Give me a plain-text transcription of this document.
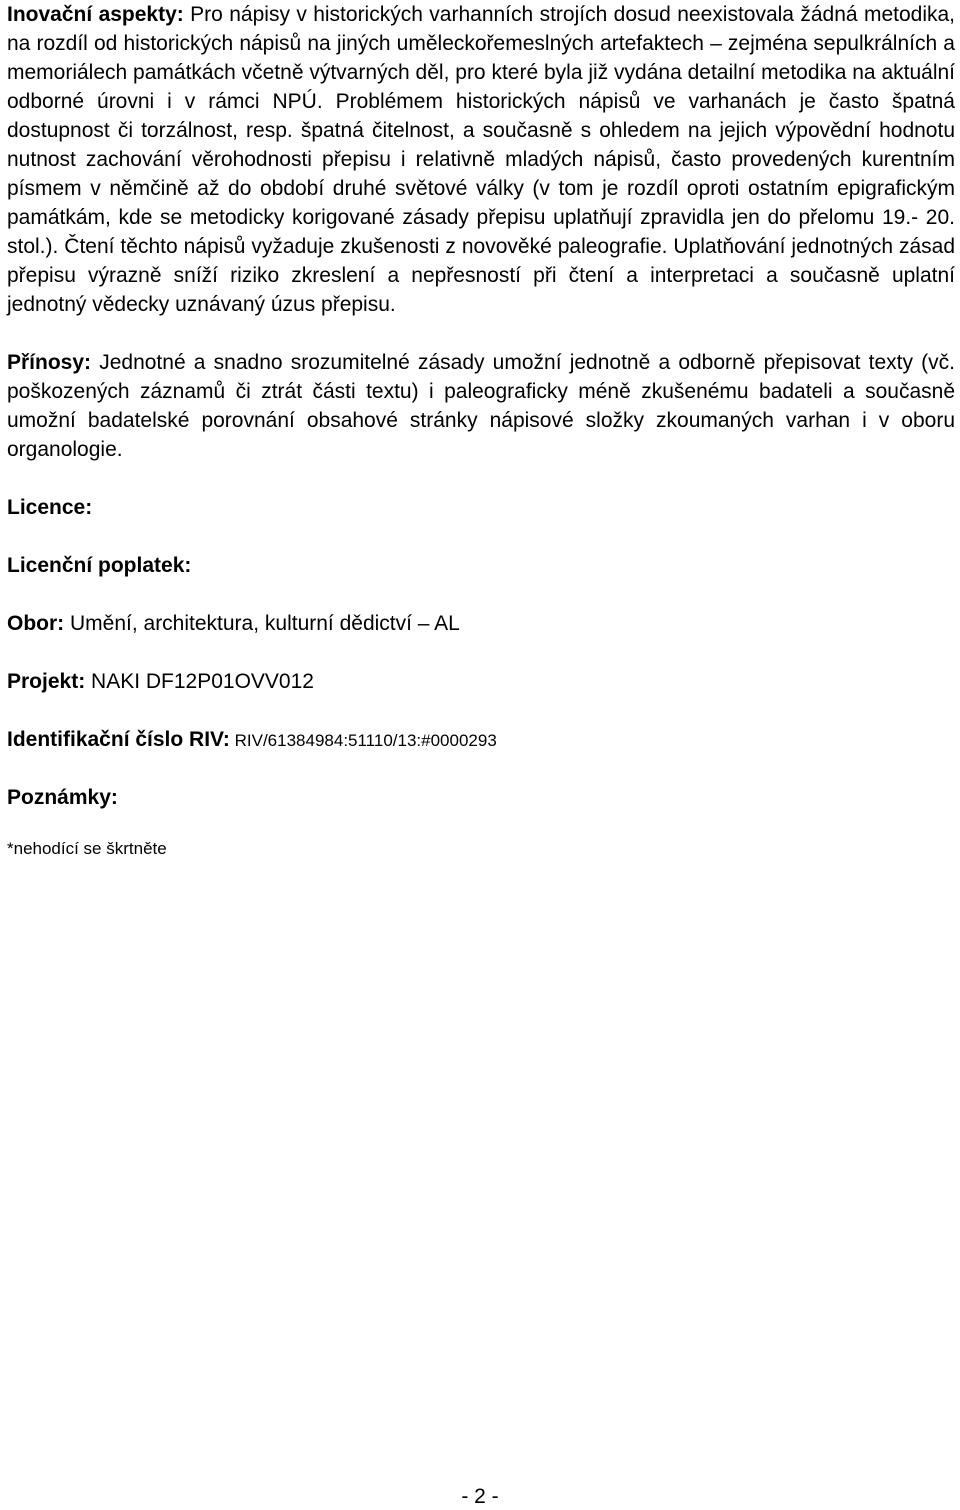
Inovační aspekty: Pro nápisy v historických varhanních strojích dosud neexistovala žádná metodika, na rozdíl od historických nápisů na jiných uměleckořemeslných artefaktech – zejména sepulkrálních a memoriálech památkách včetně výtvarných děl, pro které byla již vydána detailní metodika na aktuální odborné úrovni i v rámci NPÚ. Problémem historických nápisů ve varhanách je často špatná dostupnost či torzálnost, resp. špatná čitelnost, a současně s ohledem na jejich výpovědní hodnotu nutnost zachování věrohodnosti přepisu i relativně mladých nápisů, často provedených kurentním písmem v němčině až do období druhé světové války (v tom je rozdíl oproti ostatním epigrafickým památkám, kde se metodicky korigované zásady přepisu uplatňují zpravidla jen do přelomu 19.- 20. stol.). Čtení těchto nápisů vyžaduje zkušenosti z novověké paleografie. Uplatňování jednotných zásad přepisu výrazně sníží riziko zkreslení a nepřesností při čtení a interpretaci a současně uplatní jednotný vědecky uznávaný úzus přepisu.

Přínosy: Jednotné a snadno srozumitelné zásady umožní jednotně a odborně přepisovat texty (vč. poškozených záznamů či ztrát části textu) i paleograficky méně zkušenému badateli a současně umožní badatelské porovnání obsahové stránky nápisové složky zkoumaných varhan i v oboru organologie.

Licence:

Licenční poplatek:

Obor: Umění, architektura, kulturní dědictví – AL

Projekt: NAKI DF12P01OVV012

Identifikační číslo RIV: RIV/61384984:51110/13:#0000293

Poznámky:

*nehodící se škrtněte

- 2 -
